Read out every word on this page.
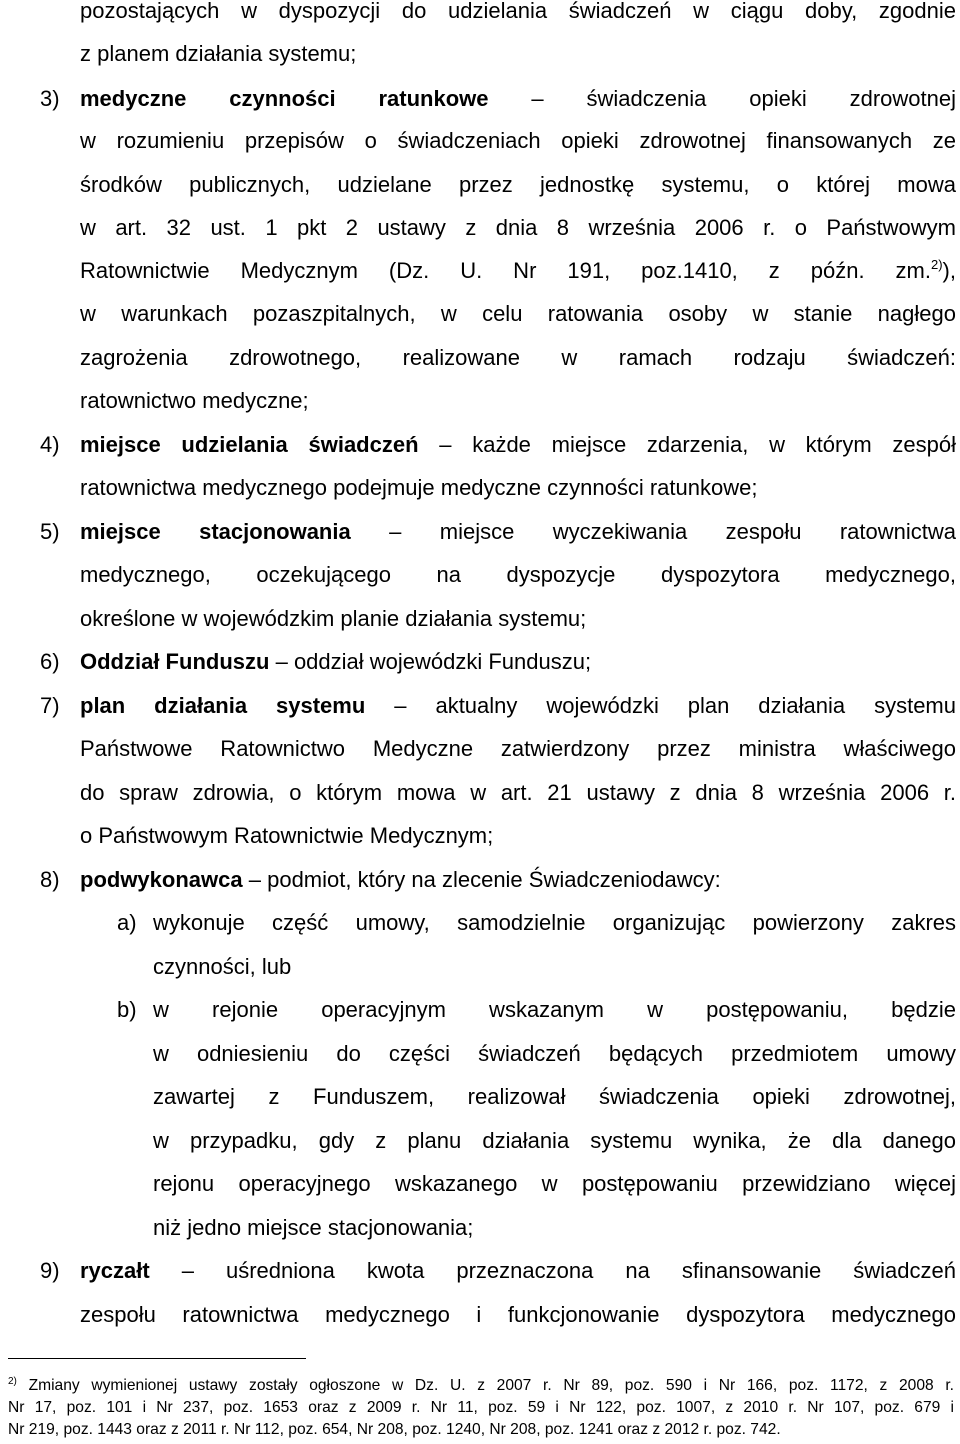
pozostających w dyspozycji do udzielania świadczeń w ciągu doby, zgodnie
z planem działania systemu;
3) medyczne czynności ratunkowe – świadczenia opieki zdrowotnej
w rozumieniu przepisów o świadczeniach opieki zdrowotnej finansowanych ze
środków publicznych, udzielane przez jednostkę systemu, o której mowa
w art. 32 ust. 1 pkt 2 ustawy z dnia 8 września 2006 r. o Państwowym
Ratownictwie Medycznym (Dz. U. Nr 191, poz.1410, z późn. zm.$^{2)}$),
w warunkach pozaszpitalnych, w celu ratowania osoby w stanie nagłego
zagrożenia zdrowotnego, realizowane w ramach rodzaju świadczeń:
ratownictwo medyczne;
4) miejsce udzielania świadczeń – każde miejsce zdarzenia, w którym zespół
ratownictwa medycznego podejmuje medyczne czynności ratunkowe;
5) miejsce stacjonowania – miejsce wyczekiwania zespołu ratownictwa
medycznego, oczekującego na dyspozycje dyspozytora medycznego,
określone w wojewódzkim planie działania systemu;
6) Oddział Funduszu – oddział wojewódzki Funduszu;
7) plan działania systemu – aktualny wojewódzki plan działania systemu
Państwowe Ratownictwo Medyczne zatwierdzony przez ministra właściwego
do spraw zdrowia, o którym mowa w art. 21 ustawy z dnia 8 września 2006 r.
o Państwowym Ratownictwie Medycznym;
8) podwykonawca – podmiot, który na zlecenie Świadczeniodawcy:
a) wykonuje część umowy, samodzielnie organizując powierzony zakres
czynności, lub
b) w rejonie operacyjnym wskazanym w postępowaniu, będzie
w odniesieniu do części świadczeń będących przedmiotem umowy
zawartej z Funduszem, realizował świadczenia opieki zdrowotnej,
w przypadku, gdy z planu działania systemu wynika, że dla danego
rejonu operacyjnego wskazanego w postępowaniu przewidziano więcej
niż jedno miejsce stacjonowania;
9) ryczałt – uśredniona kwota przeznaczona na sfinansowanie świadczeń
zespołu ratownictwa medycznego i funkcjonowanie dyspozytora medycznego
$^{2)}$ Zmiany wymienionej ustawy zostały ogłoszone w Dz. U. z 2007 r. Nr 89, poz. 590 i Nr 166, poz. 1172, z 2008 r.
Nr 17, poz. 101 i Nr 237, poz. 1653 oraz z 2009 r. Nr 11, poz. 59 i Nr 122, poz. 1007, z 2010 r. Nr 107, poz. 679 i
Nr 219, poz. 1443 oraz z 2011 r. Nr 112, poz. 654, Nr 208, poz. 1240, Nr 208, poz. 1241 oraz z 2012 r. poz. 742.
